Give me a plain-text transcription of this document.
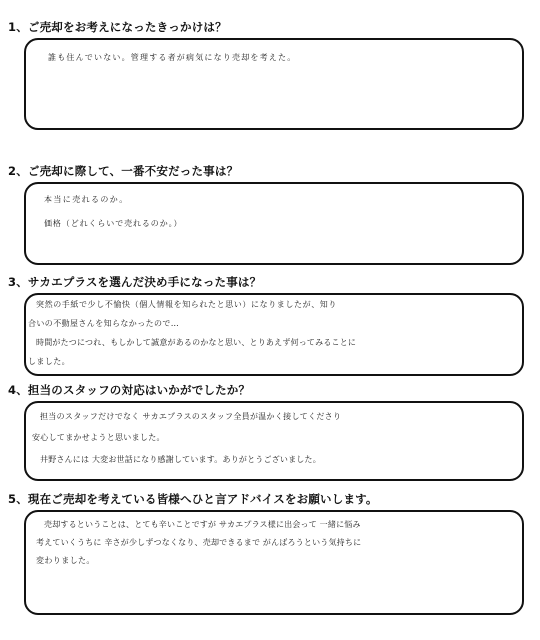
1、ご売却をお考えになったきっかけは？
誰も住んでいない。管理する者が病気になり売却を考えた。
2、ご売却に際して、一番不安だった事は？
本当に売れるのか。
価格（どれくらいで売れるのか。）
3、サカエプラスを選んだ決め手になった事は？
突然の手紙で少し不愉快（個人情報を知られたと思い）になりましたが、知り
合いの不動屋さんを知らなかったので…
時間がたつにつれ、もしかして誠意があるのかなと思い、とりあえず何ってみることに
しました。
4、担当のスタッフの対応はいかがでしたか？
担当のスタッフだけでなく サカエプラスのスタッフ全員が温かく接してくださり
安心してまかせようと思いました。
井野さんには 大変お世話になり感謝しています。ありがとうございました。
5、現在ご売却を考えている皆様へひと言アドバイスをお願いします。
売却するということは、とても辛いことですが サカエプラス様に出会って 一緒に悩み
考えていくうちに 辛さが少しずつなくなり、売却できるまで がんばろうという気持ちに
変わりました。
